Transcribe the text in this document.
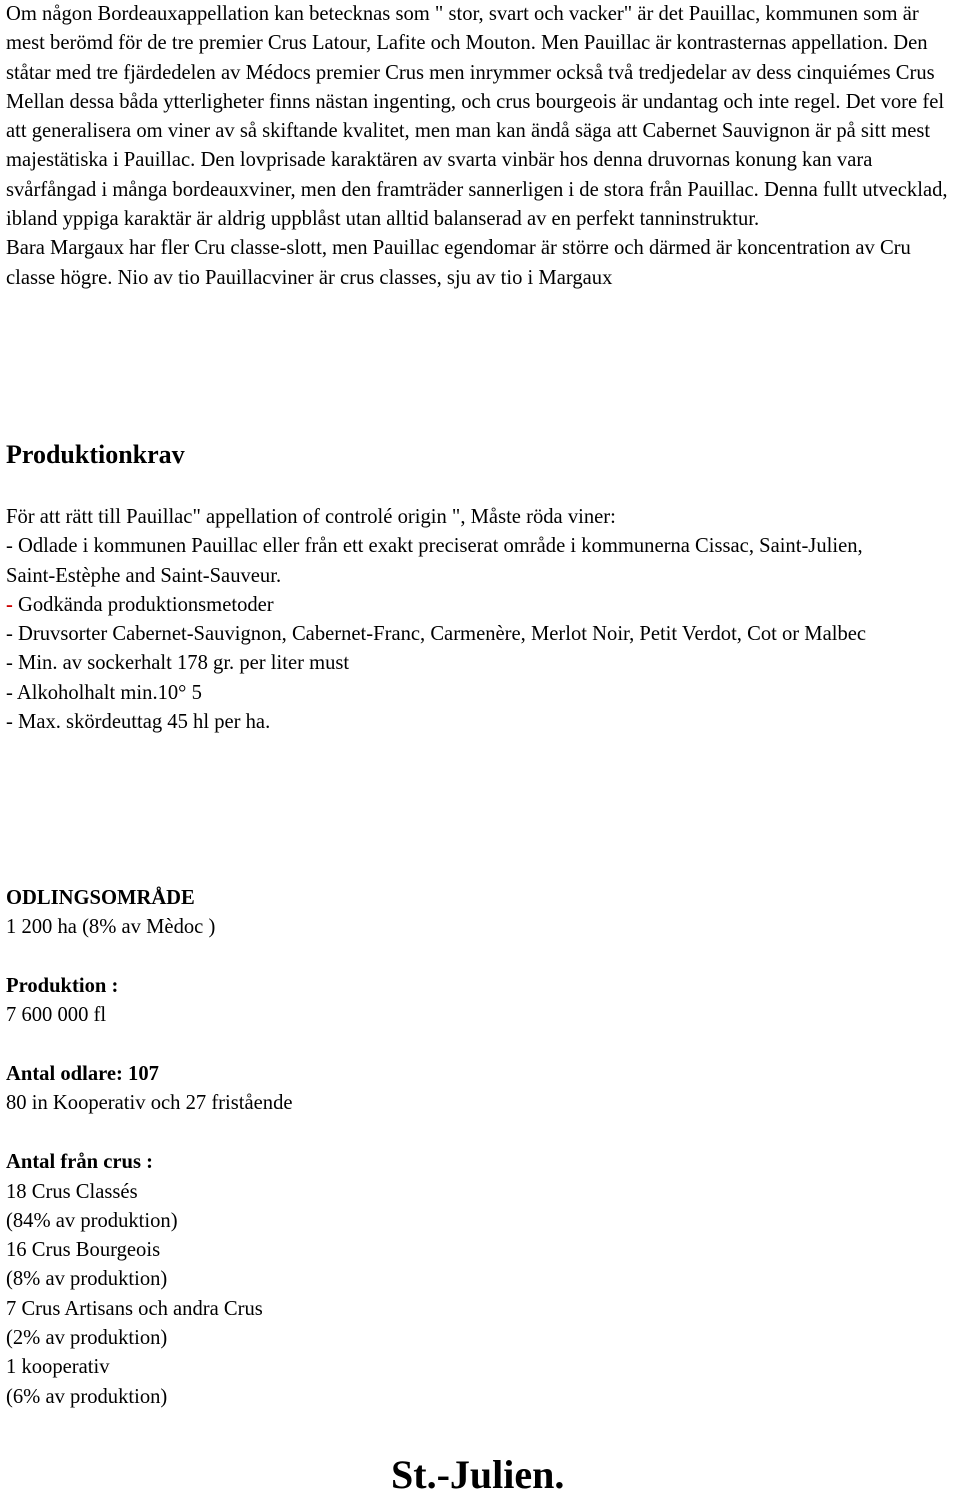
Om någon Bordeauxappellation kan betecknas som " stor, svart och vacker" är det Pauillac, kommunen som är mest berömd för de tre premier Crus Latour, Lafite och Mouton. Men Pauillac är kontrasternas appellation. Den ståtar med tre fjärdedelen av Médocs premier Crus men inrymmer också två tredjedelar av dess cinquiémes Crus Mellan dessa båda ytterligheter finns nästan ingenting, och crus bourgeois är undantag och inte regel. Det vore fel att generalisera om viner av så skiftande kvalitet, men man kan ändå säga att Cabernet Sauvignon är på sitt mest majestätiska i Pauillac. Den lovprisade karaktären av svarta vinbär hos denna druvornas konung kan vara svårfångad i många bordeauxviner, men den framträder sannerligen i de stora från Pauillac. Denna fullt utvecklad, ibland yppiga karaktär är aldrig uppblåst utan alltid balanserad av en perfekt tanninstruktur.

Bara Margaux har fler Cru classe-slott, men Pauillac egendomar är större och därmed är koncentration av Cru classe högre. Nio av tio Pauillacviner är crus classes, sju av tio i Margaux

Produktionkrav

För att rätt till Pauillac" appellation of controlé origin ", Måste röda viner:

- Odlade i kommunen Pauillac eller från ett exakt preciserat område i kommunerna Cissac, Saint-Julien,

Saint-Estèphe and Saint-Sauveur.

- Godkända produktionsmetoder

- Druvsorter Cabernet-Sauvignon, Cabernet-Franc, Carmenère, Merlot Noir, Petit Verdot, Cot or Malbec

- Min. av sockerhalt 178 gr. per liter must

- Alkoholhalt min.10° 5

- Max. skördeuttag 45 hl per ha.

ODLINGSOMRÅDE

1 200 ha (8% av Mèdoc )

Produktion :

7 600 000 fl

Antal odlare: 107

80 in Kooperativ och 27 fristående

Antal från crus :

18 Crus Classés
(84% av produktion)
16 Crus Bourgeois
(8% av produktion)
7 Crus Artisans och andra Crus
(2% av produktion)
1 kooperativ
(6% av produktion)

St.-Julien.
